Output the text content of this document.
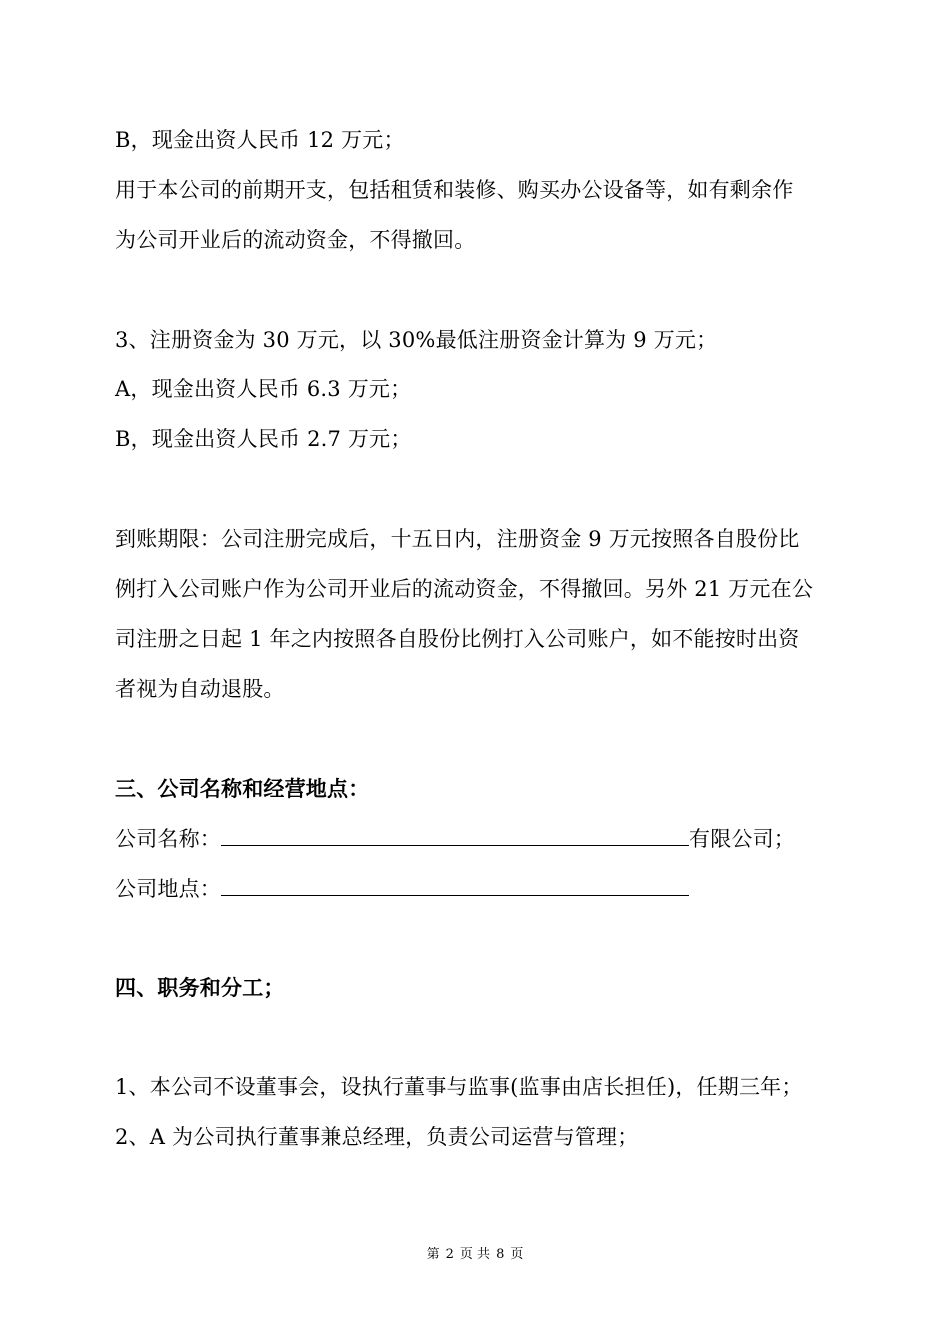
B，现金出资人民币 12 万元；
用于本公司的前期开支，包括租赁和装修、购买办公设备等，如有剩余作
为公司开业后的流动资金，不得撤回。
3、注册资金为 30 万元，以 30%最低注册资金计算为 9 万元；
A，现金出资人民币 6.3 万元；
B，现金出资人民币 2.7 万元；
到账期限：公司注册完成后，十五日内，注册资金 9 万元按照各自股份比
例打入公司账户作为公司开业后的流动资金，不得撤回。另外 21 万元在公
司注册之日起 1 年之内按照各自股份比例打入公司账户，如不能按时出资
者视为自动退股。
三、公司名称和经营地点：
公司名称：	有限公司；
公司地点：
四、职务和分工；
1、本公司不设董事会，设执行董事与监事(监事由店长担任)，任期三年；
2、A 为公司执行董事兼总经理，负责公司运营与管理；
第 2 页 共 8 页
